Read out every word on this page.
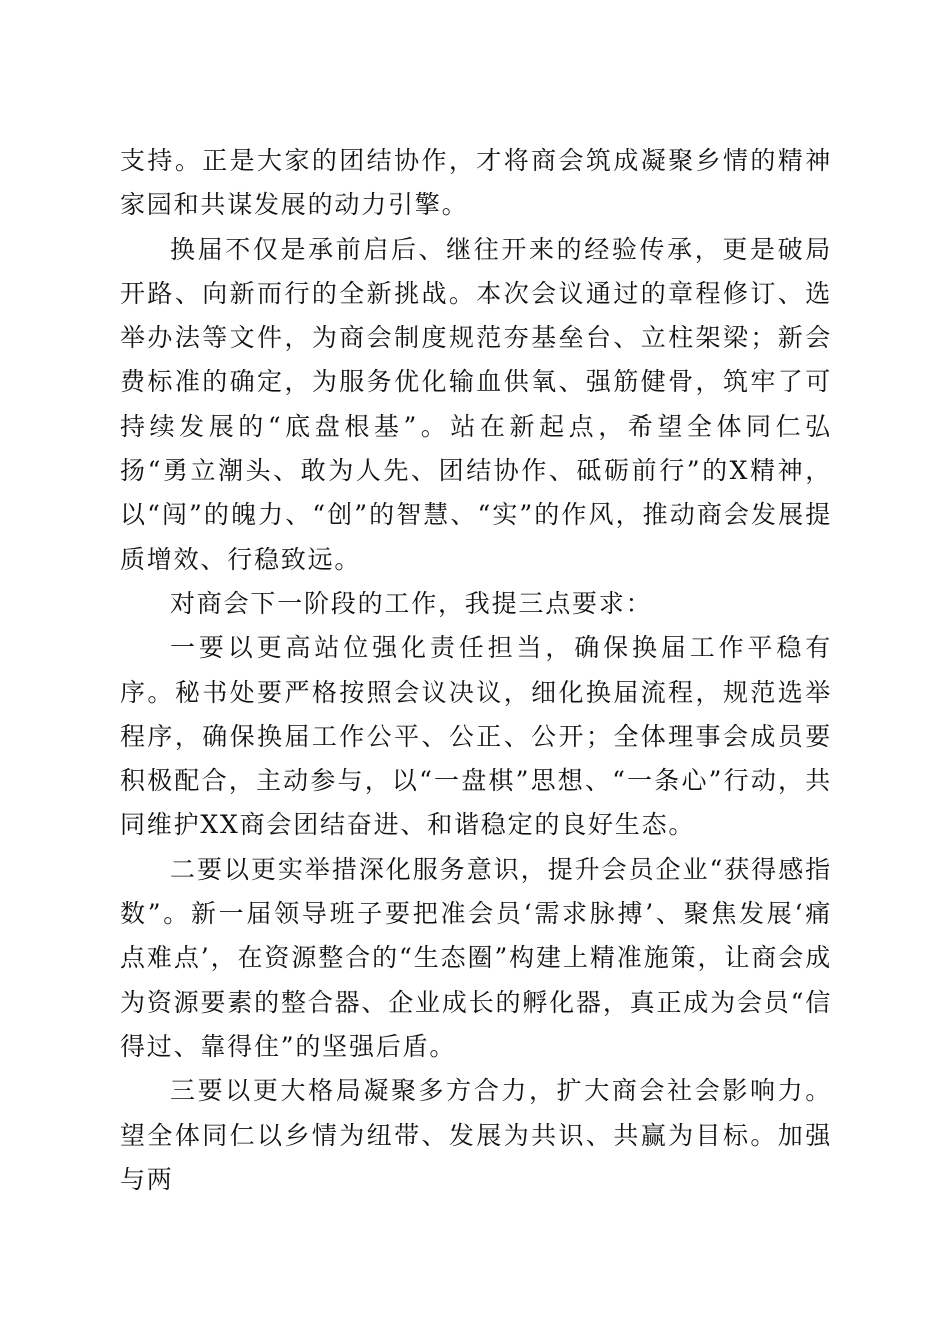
支持。正是大家的团结协作，才将商会筑成凝聚乡情的精神家园和共谋发展的动力引擎。

换届不仅是承前启后、继往开来的经验传承，更是破局开路、向新而行的全新挑战。本次会议通过的章程修订、选举办法等文件，为商会制度规范夯基垒台、立柱架梁；新会费标准的确定，为服务优化输血供氧、强筋健骨，筑牢了可持续发展的“底盘根基”。站在新起点，希望全体同仁弘扬“勇立潮头、敢为人先、团结协作、砥砺前行”的X精神，以“闯”的魄力、“创”的智慧、“实”的作风，推动商会发展提质增效、行稳致远。

对商会下一阶段的工作，我提三点要求：

一要以更高站位强化责任担当，确保换届工作平稳有序。秘书处要严格按照会议决议，细化换届流程，规范选举程序，确保换届工作公平、公正、公开；全体理事会成员要积极配合，主动参与，以“一盘棋”思想、“一条心”行动，共同维护XX商会团结奋进、和谐稳定的良好生态。

二要以更实举措深化服务意识，提升会员企业“获得感指数”。新一届领导班子要把准会员‘需求脉搏’、聚焦发展‘痛点难点’，在资源整合的“生态圈”构建上精准施策，让商会成为资源要素的整合器、企业成长的孵化器，真正成为会员“信得过、靠得住”的坚强后盾。

三要以更大格局凝聚多方合力，扩大商会社会影响力。望全体同仁以乡情为纽带、发展为共识、共赢为目标。加强与两
